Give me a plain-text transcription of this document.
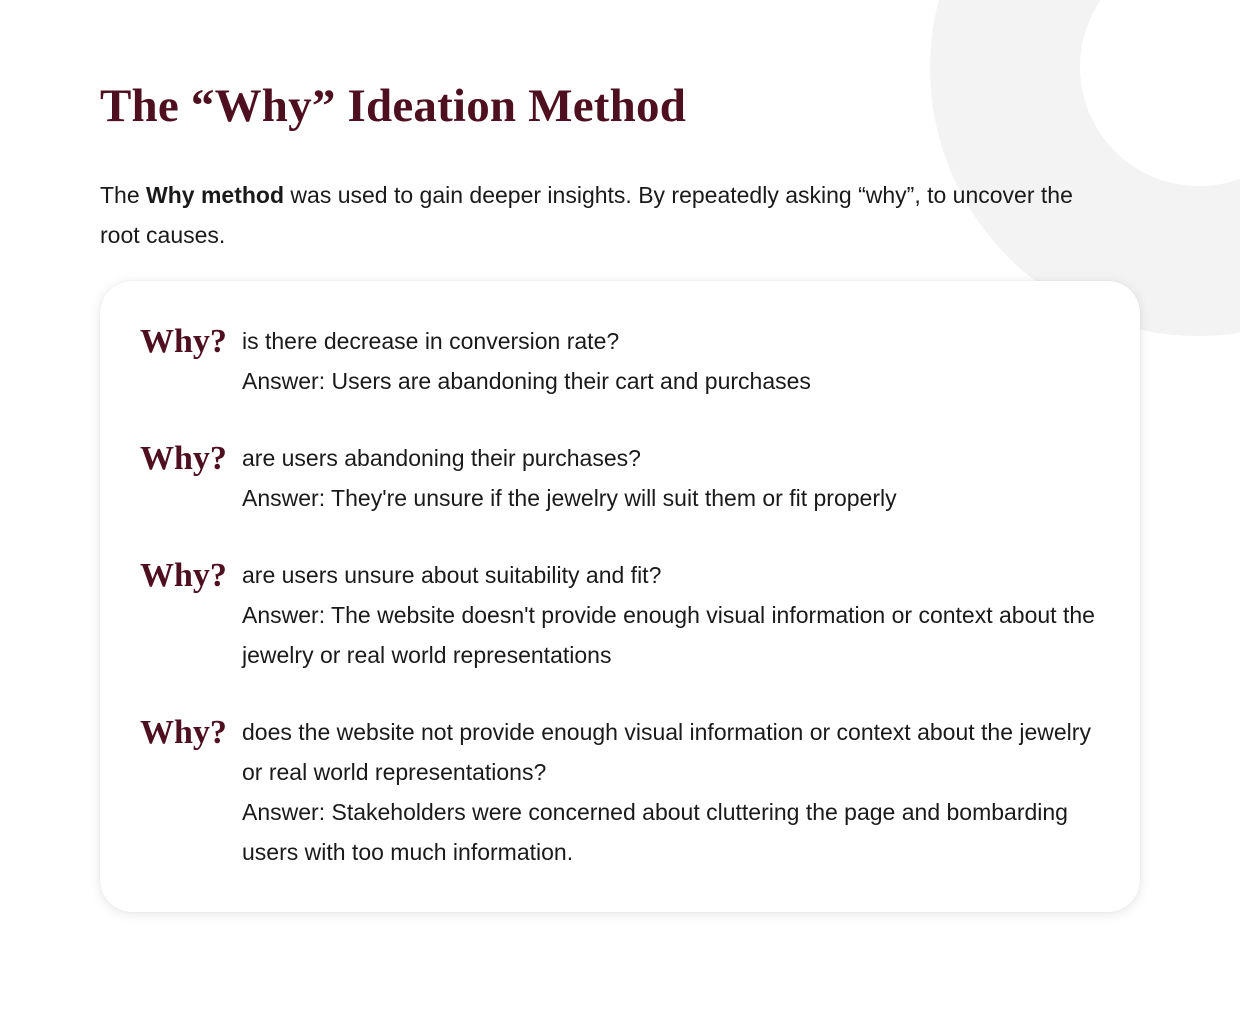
The “Why” Ideation Method

The Why method was used to gain deeper insights. By repeatedly asking “why”, to uncover the root causes.

Why? is there decrease in conversion rate?
Answer: Users are abandoning their cart and purchases
Why? are users abandoning their purchases?
Answer: They're unsure if the jewelry will suit them or fit properly
Why? are users unsure about suitability and fit?
Answer: The website doesn't provide enough visual information or context about the jewelry or real world representations
Why? does the website not provide enough visual information or context about the jewelry or real world representations?
Answer: Stakeholders were concerned about cluttering the page and bombarding users with too much information.
